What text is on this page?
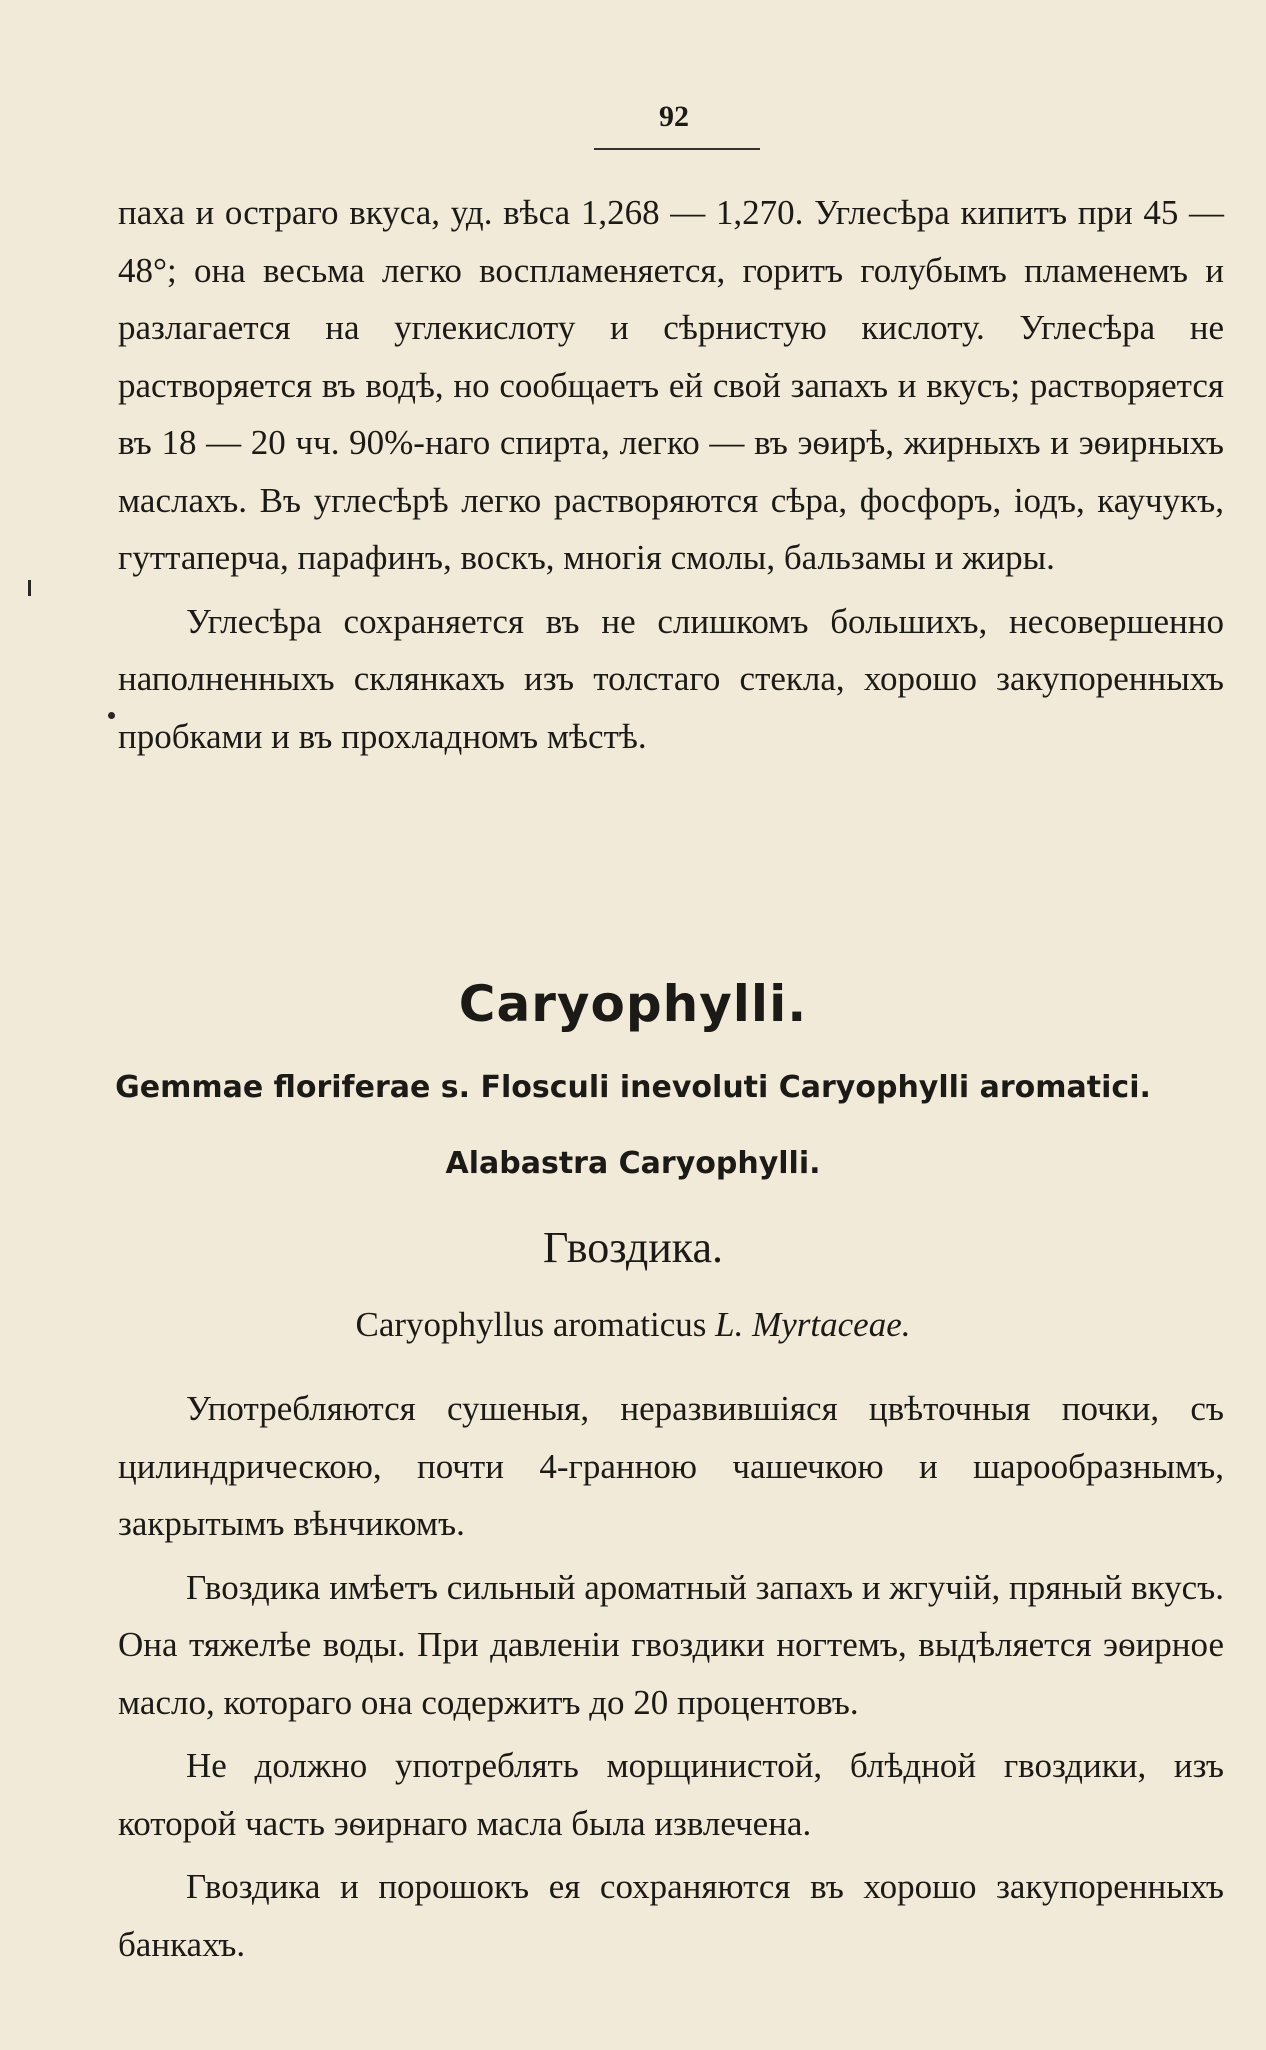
92

паха и остраго вкуса, уд. вѣса 1,268 — 1,270. Углесѣра кипитъ при 45 — 48°; она весьма легко воспламеняется, горитъ голубымъ пламенемъ и разлагается на углекислоту и сѣрнистую кислоту. Углесѣра не растворяется въ водѣ, но сообщаетъ ей свой запахъ и вкусъ; растворяется въ 18 — 20 чч. 90%-наго спирта, легко — въ эѳирѣ, жирныхъ и эѳирныхъ маслахъ. Въ углесѣрѣ легко растворяются сѣра, фосфоръ, iодъ, каучукъ, гуттаперча, парафинъ, воскъ, многiя смолы, бальзамы и жиры.

Углесѣра сохраняется въ не слишкомъ большихъ, несовершенно наполненныхъ склянкахъ изъ толстаго стекла, хорошо закупоренныхъ пробками и въ прохладномъ мѣстѣ.

Caryophylli.
Gemmae floriferae s. Flosculi inevoluti Caryophylli aromatici.
Alabastra Caryophylli.
Гвоздика.
Caryophyllus aromaticus L. Myrtaceae.

Употребляются сушеныя, неразвившiяся цвѣточныя почки, съ цилиндрическою, почти 4-гранною чашечкою и шарообразнымъ, закрытымъ вѣнчикомъ.

Гвоздика имѣетъ сильный ароматный запахъ и жгучiй, пряный вкусъ. Она тяжелѣе воды. При давленiи гвоздики ногтемъ, выдѣляется эѳирное масло, котораго она содержитъ до 20 процентовъ.

Не должно употреблять морщинистой, блѣдной гвоздики, изъ которой часть эѳирнаго масла была извлечена.

Гвоздика и порошокъ ея сохраняются въ хорошо закупоренныхъ банкахъ.
